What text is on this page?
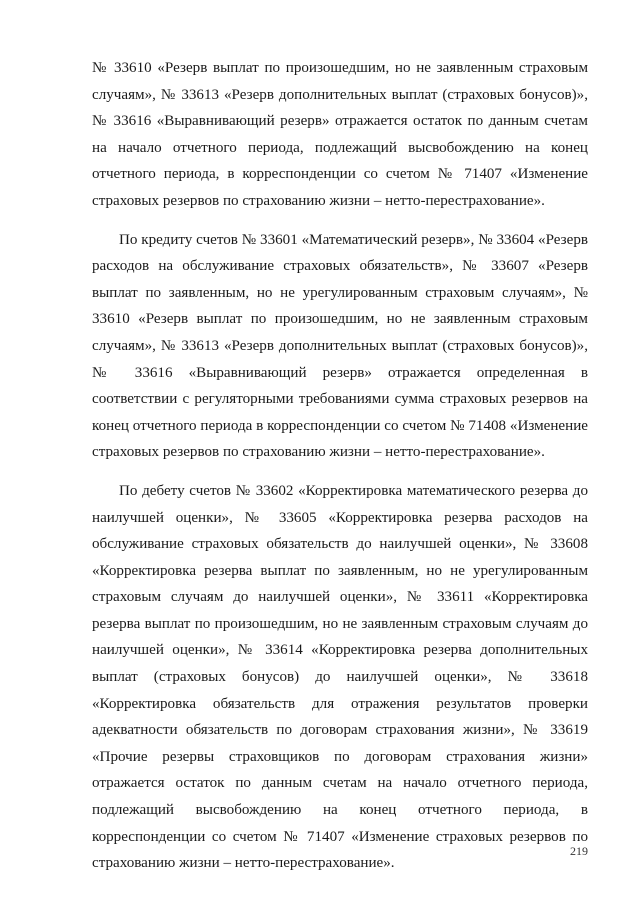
№ 33610 «Резерв выплат по произошедшим, но не заявленным страховым случаям», № 33613 «Резерв дополнительных выплат (страховых бонусов)», № 33616 «Выравнивающий резерв» отражается остаток по данным счетам на начало отчетного периода, подлежащий высвобождению на конец отчетного периода, в корреспонденции со счетом № 71407 «Изменение страховых резервов по страхованию жизни – нетто-перестрахование».

По кредиту счетов № 33601 «Математический резерв», № 33604 «Резерв расходов на обслуживание страховых обязательств», № 33607 «Резерв выплат по заявленным, но не урегулированным страховым случаям», № 33610 «Резерв выплат по произошедшим, но не заявленным страховым случаям», № 33613 «Резерв дополнительных выплат (страховых бонусов)», № 33616 «Выравнивающий резерв» отражается определенная в соответствии с регуляторными требованиями сумма страховых резервов на конец отчетного периода в корреспонденции со счетом № 71408 «Изменение страховых резервов по страхованию жизни – нетто-перестрахование».

По дебету счетов № 33602 «Корректировка математического резерва до наилучшей оценки», № 33605 «Корректировка резерва расходов на обслуживание страховых обязательств до наилучшей оценки», № 33608 «Корректировка резерва выплат по заявленным, но не урегулированным страховым случаям до наилучшей оценки», № 33611 «Корректировка резерва выплат по произошедшим, но не заявленным страховым случаям до наилучшей оценки», № 33614 «Корректировка резерва дополнительных выплат (страховых бонусов) до наилучшей оценки», № 33618 «Корректировка обязательств для отражения результатов проверки адекватности обязательств по договорам страхования жизни», № 33619 «Прочие резервы страховщиков по договорам страхования жизни» отражается остаток по данным счетам на начало отчетного периода, подлежащий высвобождению на конец отчетного периода, в корреспонденции со счетом № 71407 «Изменение страховых резервов по страхованию жизни – нетто-перестрахование».

219
